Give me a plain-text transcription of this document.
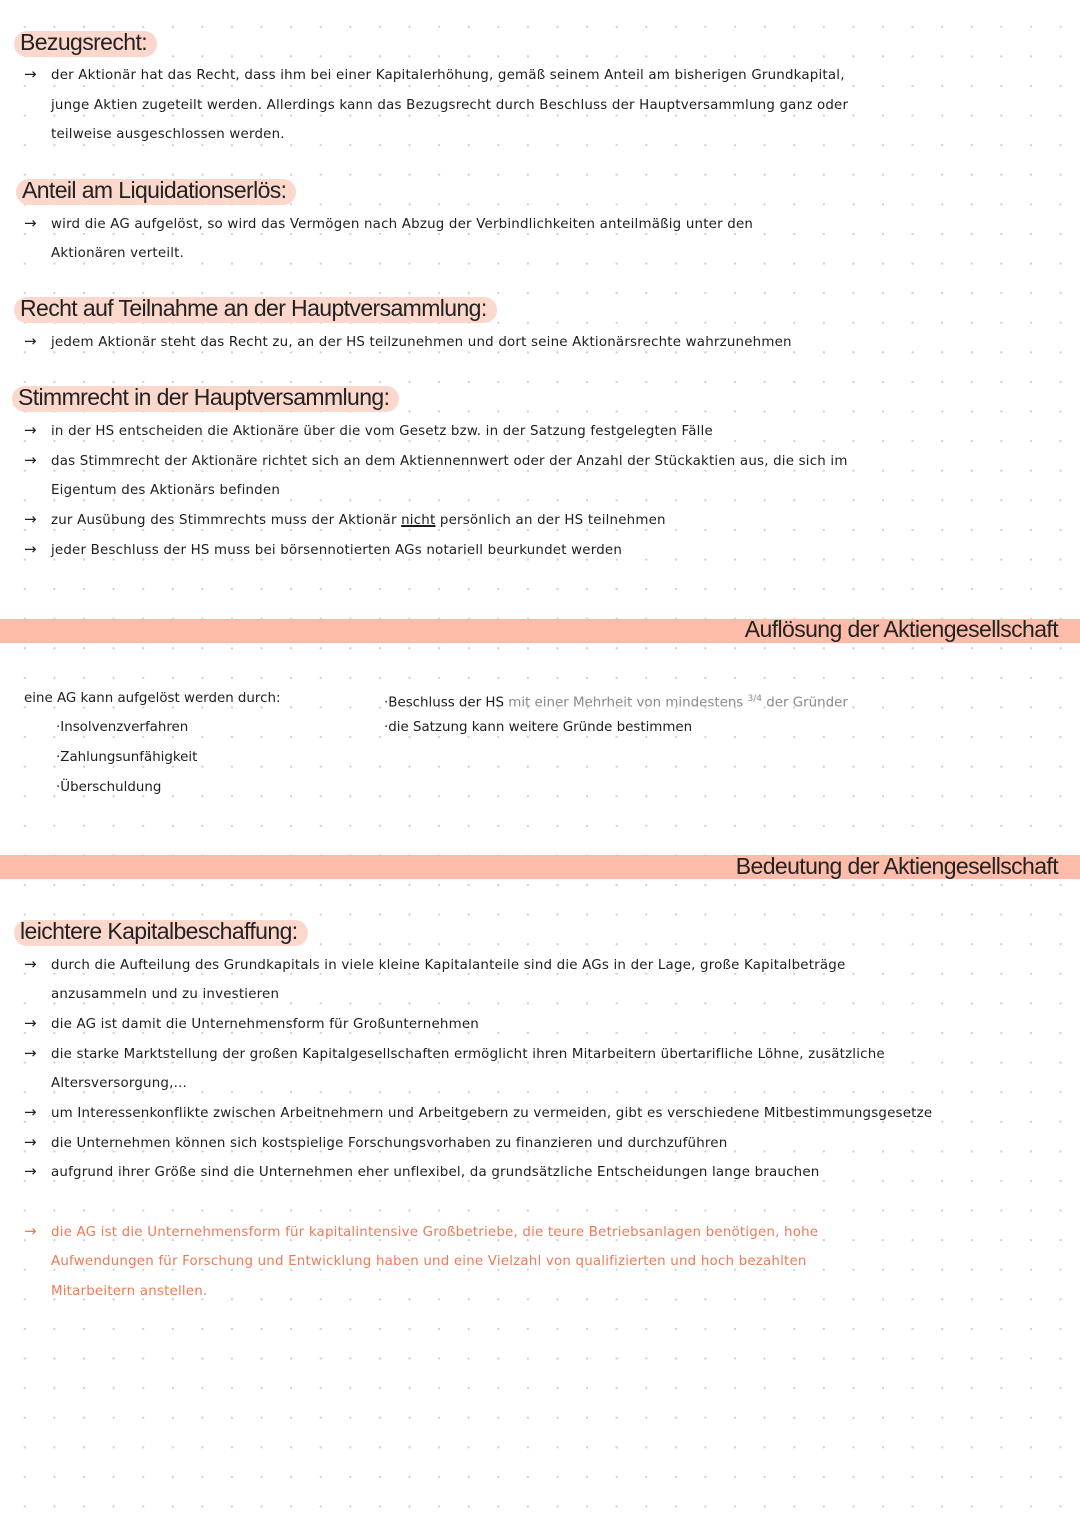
Bezugsrecht:
→ der Aktionär hat das Recht, dass ihm bei einer Kapitalerhöhung, gemäß seinem Anteil am bisherigen Grundkapital,
junge Aktien zugeteilt werden. Allerdings kann das Bezugsrecht durch Beschluss der Hauptversammlung ganz oder
teilweise ausgeschlossen werden.
Anteil am Liquidationserlös:
→ wird die AG aufgelöst, so wird das Vermögen nach Abzug der Verbindlichkeiten anteilmäßig unter den
Aktionären verteilt.
Recht auf Teilnahme an der Hauptversammlung:
→ jedem Aktionär steht das Recht zu, an der HS teilzunehmen und dort seine Aktionärsrechte wahrzunehmen
Stimmrecht in der Hauptversammlung:
→ in der HS entscheiden die Aktionäre über die vom Gesetz bzw. in der Satzung festgelegten Fälle
→ das Stimmrecht der Aktionäre richtet sich an dem Aktiennennwert oder der Anzahl der Stückaktien aus, die sich im
Eigentum des Aktionärs befinden
→ zur Ausübung des Stimmrechts muss der Aktionär nicht persönlich an der HS teilnehmen
→ jeder Beschluss der HS muss bei börsennotierten AGs notariell beurkundet werden
Auflösung der Aktiengesellschaft
eine AG kann aufgelöst werden durch:
·Insolvenzverfahren
·Zahlungsunfähigkeit
·Überschuldung
·Beschluss der HS mit einer Mehrheit von mindestens $^{3/4}$ der Gründer
·die Satzung kann weitere Gründe bestimmen
Bedeutung der Aktiengesellschaft
leichtere Kapitalbeschaffung:
→ durch die Aufteilung des Grundkapitals in viele kleine Kapitalanteile sind die AGs in der Lage, große Kapitalbeträge
anzusammeln und zu investieren
→ die AG ist damit die Unternehmensform für Großunternehmen
→ die starke Marktstellung der großen Kapitalgesellschaften ermöglicht ihren Mitarbeitern übertarifliche Löhne, zusätzliche
Altersversorgung,...
→ um Interessenkonflikte zwischen Arbeitnehmern und Arbeitgebern zu vermeiden, gibt es verschiedene Mitbestimmungsgesetze
→ die Unternehmen können sich kostspielige Forschungsvorhaben zu finanzieren und durchzuführen
→ aufgrund ihrer Größe sind die Unternehmen eher unflexibel, da grundsätzliche Entscheidungen lange brauchen
→ die AG ist die Unternehmensform für kapitalintensive Großbetriebe, die teure Betriebsanlagen benötigen, hohe
Aufwendungen für Forschung und Entwicklung haben und eine Vielzahl von qualifizierten und hoch bezahlten
Mitarbeitern anstellen.
